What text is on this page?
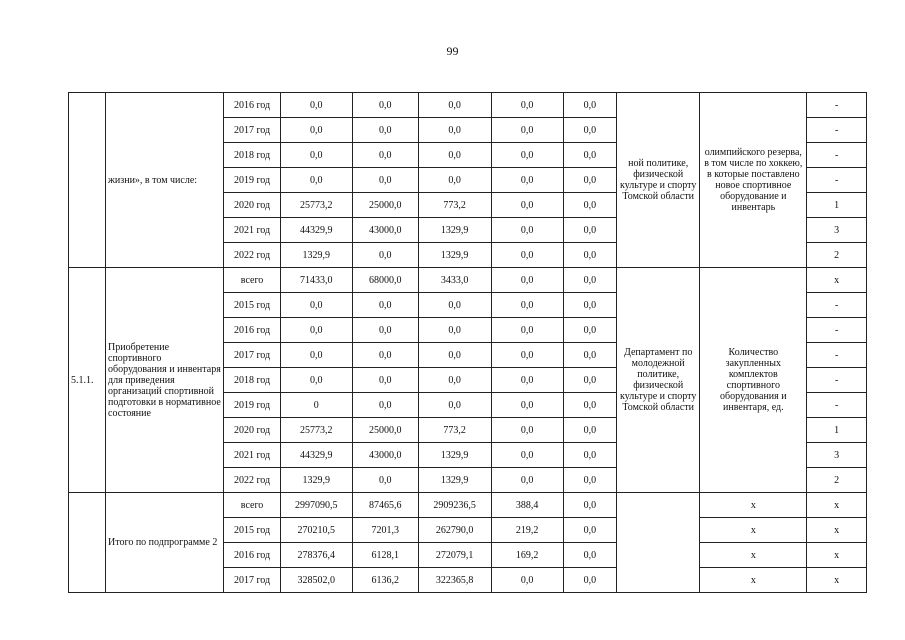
99
	жизни», в том числе:	2016 год	0,0	0,0	0,0	0,0	0,0	ной политике, физической культуре и спорту Томской области	олимпийского резерва, в том числе по хоккею, в которые поставлено новое спортивное оборудование и инвентарь	-
		2017 год	0,0	0,0	0,0	0,0	0,0			-
		2018 год	0,0	0,0	0,0	0,0	0,0			-
		2019 год	0,0	0,0	0,0	0,0	0,0			-
		2020 год	25773,2	25000,0	773,2	0,0	0,0			1
		2021 год	44329,9	43000,0	1329,9	0,0	0,0			3
		2022 год	1329,9	0,0	1329,9	0,0	0,0			2
5.1.1.	Приобретение спортивного оборудования и инвентаря для приведения организаций спортивной подготовки в нормативное состояние	всего	71433,0	68000,0	3433,0	0,0	0,0	Департамент по молодежной политике, физической культуре и спорту Томской области	Количество закупленных комплектов спортивного оборудования и инвентаря, ед.	х
		2015 год	0,0	0,0	0,0	0,0	0,0			-
		2016 год	0,0	0,0	0,0	0,0	0,0			-
		2017 год	0,0	0,0	0,0	0,0	0,0			-
		2018 год	0,0	0,0	0,0	0,0	0,0			-
		2019 год	0	0,0	0,0	0,0	0,0			-
		2020 год	25773,2	25000,0	773,2	0,0	0,0			1
		2021 год	44329,9	43000,0	1329,9	0,0	0,0			3
		2022 год	1329,9	0,0	1329,9	0,0	0,0			2
	Итого по подпрограмме 2	всего	2997090,5	87465,6	2909236,5	388,4	0,0		х	х
		2015 год	270210,5	7201,3	262790,0	219,2	0,0		х	х
		2016 год	278376,4	6128,1	272079,1	169,2	0,0		х	х
		2017 год	328502,0	6136,2	322365,8	0,0	0,0		х	х
